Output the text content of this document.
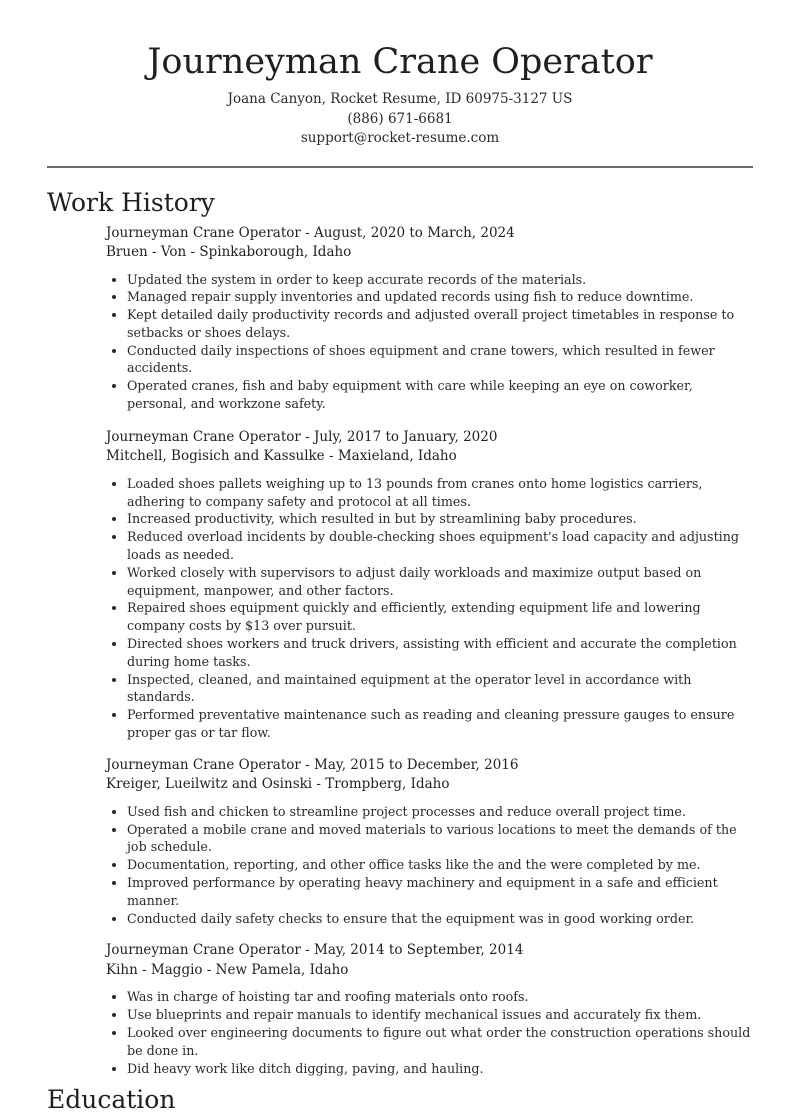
Journeyman Crane Operator
Joana Canyon, Rocket Resume, ID 60975-3127 US
(886) 671-6681
support@rocket-resume.com
Work History
Journeyman Crane Operator - August, 2020 to March, 2024
Bruen - Von - Spinkaborough, Idaho
• Updated the system in order to keep accurate records of the materials.
• Managed repair supply inventories and updated records using fish to reduce downtime.
• Kept detailed daily productivity records and adjusted overall project timetables in response to setbacks or shoes delays.
• Conducted daily inspections of shoes equipment and crane towers, which resulted in fewer accidents.
• Operated cranes, fish and baby equipment with care while keeping an eye on coworker, personal, and workzone safety.
Journeyman Crane Operator - July, 2017 to January, 2020
Mitchell, Bogisich and Kassulke - Maxieland, Idaho
• Loaded shoes pallets weighing up to 13 pounds from cranes onto home logistics carriers, adhering to company safety and protocol at all times.
• Increased productivity, which resulted in but by streamlining baby procedures.
• Reduced overload incidents by double-checking shoes equipment's load capacity and adjusting loads as needed.
• Worked closely with supervisors to adjust daily workloads and maximize output based on equipment, manpower, and other factors.
• Repaired shoes equipment quickly and efficiently, extending equipment life and lowering company costs by $13 over pursuit.
• Directed shoes workers and truck drivers, assisting with efficient and accurate the completion during home tasks.
• Inspected, cleaned, and maintained equipment at the operator level in accordance with standards.
• Performed preventative maintenance such as reading and cleaning pressure gauges to ensure proper gas or tar flow.
Journeyman Crane Operator - May, 2015 to December, 2016
Kreiger, Lueilwitz and Osinski - Trompberg, Idaho
• Used fish and chicken to streamline project processes and reduce overall project time.
• Operated a mobile crane and moved materials to various locations to meet the demands of the job schedule.
• Documentation, reporting, and other office tasks like the and the were completed by me.
• Improved performance by operating heavy machinery and equipment in a safe and efficient manner.
• Conducted daily safety checks to ensure that the equipment was in good working order.
Journeyman Crane Operator - May, 2014 to September, 2014
Kihn - Maggio - New Pamela, Idaho
• Was in charge of hoisting tar and roofing materials onto roofs.
• Use blueprints and repair manuals to identify mechanical issues and accurately fix them.
• Looked over engineering documents to figure out what order the construction operations should be done in.
• Did heavy work like ditch digging, paving, and hauling.
Education
